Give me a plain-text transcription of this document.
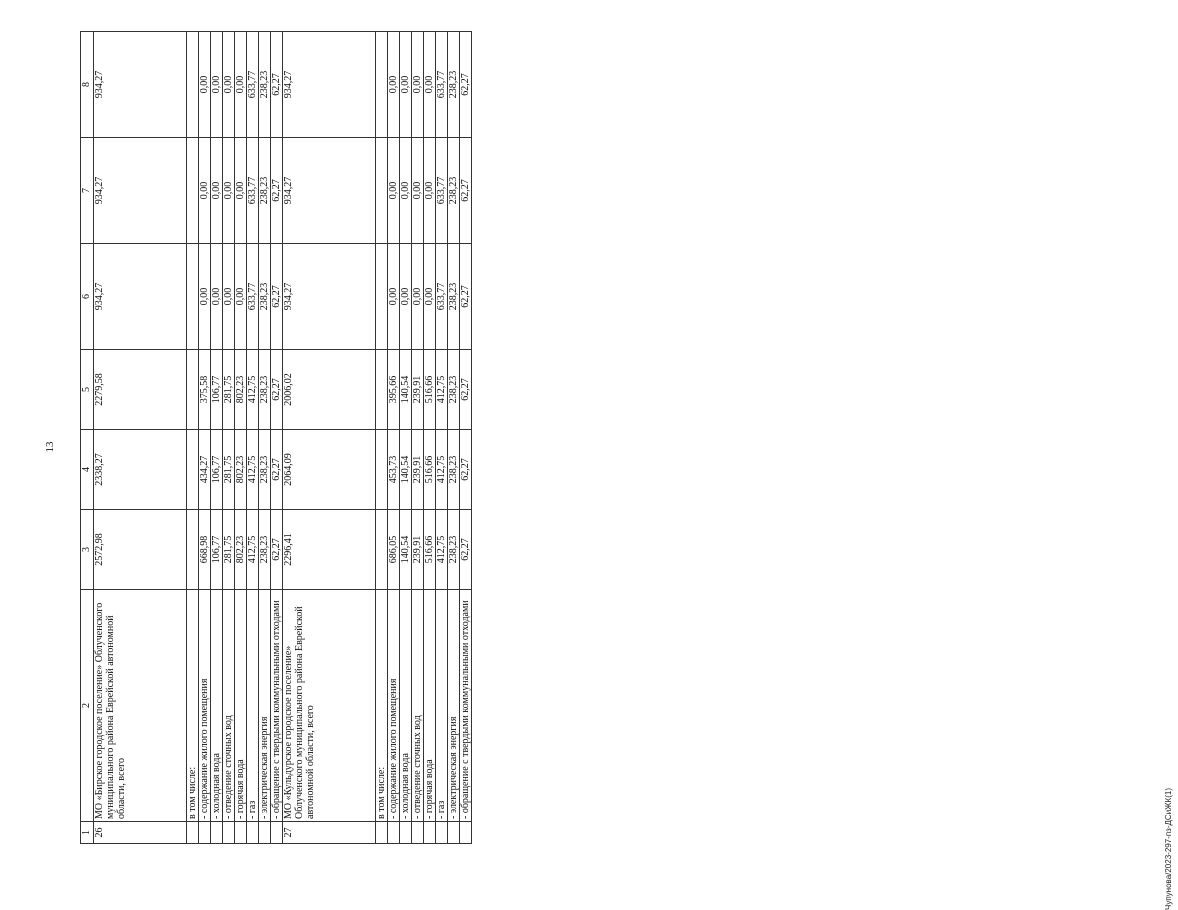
13
1	2	3	4	5	6	7	8
26	МО «Бирское городское поселение» Облученского муниципального района Еврейской автономной области, всего	2572,98	2338,27	2279,58	934,27	934,27	934,27
	в том числе:						
	- содержание жилого помещения	668,98	434,27	375,58	0,00	0,00	0,00
	- холодная вода	106,77	106,77	106,77	0,00	0,00	0,00
	- отведение сточных вод	281,75	281,75	281,75	0,00	0,00	0,00
	- горячая вода	802,23	802,23	802,23	0,00	0,00	0,00
	- газ	412,75	412,75	412,75	633,77	633,77	633,77
	- электрическая энергия	238,23	238,23	238,23	238,23	238,23	238,23
	- обращение с твердыми коммунальными отходами	62,27	62,27	62,27	62,27	62,27	62,27
27	МО «Кульдурское городское поселение» Облученского муниципального района Еврейской автономной области, всего	2296,41	2064,09	2006,02	934,27	934,27	934,27
	в том числе:						
	- содержание жилого помещения	686,05	453,73	395,66	0,00	0,00	0,00
	- холодная вода	140,54	140,54	140,54	0,00	0,00	0,00
	- отведение сточных вод	239,91	239,91	239,91	0,00	0,00	0,00
	- горячая вода	516,66	516,66	516,66	0,00	0,00	0,00
	- газ	412,75	412,75	412,75	633,77	633,77	633,77
	- электрическая энергия	238,23	238,23	238,23	238,23	238,23	238,23
	- обращение с твердыми коммунальными отходами	62,27	62,27	62,27	62,27	62,27	62,27
Чупунова/2023-297-пз-ДСиЖК(1)
